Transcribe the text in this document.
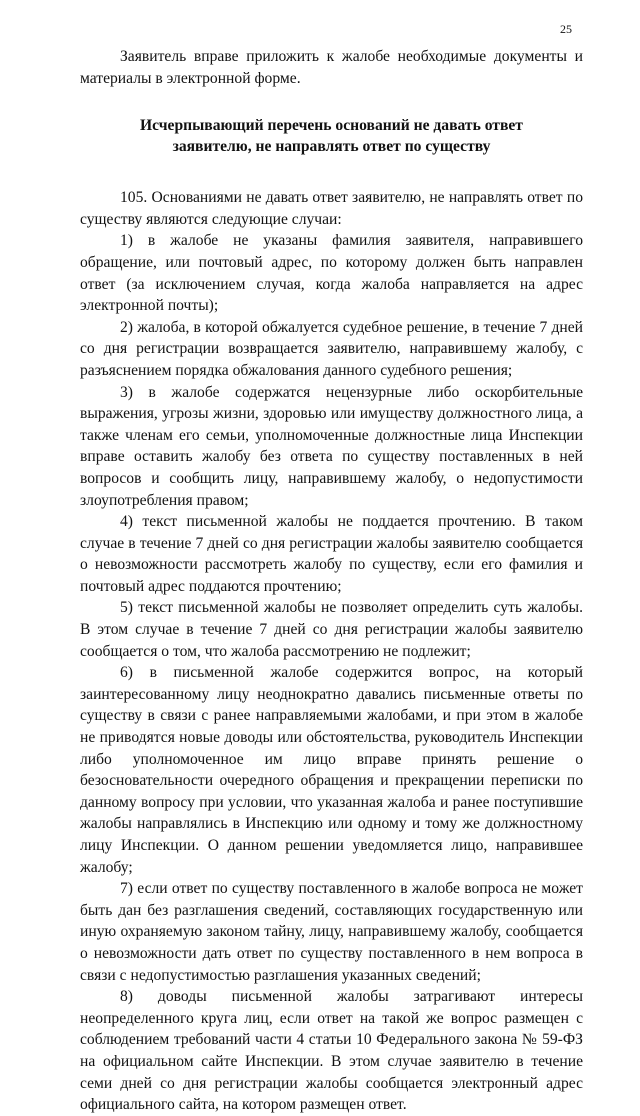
25

Заявитель вправе приложить к жалобе необходимые документы и материалы в электронной форме.

Исчерпывающий перечень оснований не давать ответ заявителю, не направлять ответ по существу

105. Основаниями не давать ответ заявителю, не направлять ответ по существу являются следующие случаи:

1) в жалобе не указаны фамилия заявителя, направившего обращение, или почтовый адрес, по которому должен быть направлен ответ (за исключением случая, когда жалоба направляется на адрес электронной почты);

2) жалоба, в которой обжалуется судебное решение, в течение 7 дней со дня регистрации возвращается заявителю, направившему жалобу, с разъяснением порядка обжалования данного судебного решения;

3) в жалобе содержатся нецензурные либо оскорбительные выражения, угрозы жизни, здоровью или имуществу должностного лица, а также членам его семьи, уполномоченные должностные лица Инспекции вправе оставить жалобу без ответа по существу поставленных в ней вопросов и сообщить лицу, направившему жалобу, о недопустимости злоупотребления правом;

4) текст письменной жалобы не поддается прочтению. В таком случае в течение 7 дней со дня регистрации жалобы заявителю сообщается о невозможности рассмотреть жалобу по существу, если его фамилия и почтовый адрес поддаются прочтению;

5) текст письменной жалобы не позволяет определить суть жалобы. В этом случае в течение 7 дней со дня регистрации жалобы заявителю сообщается о том, что жалоба рассмотрению не подлежит;

6) в письменной жалобе содержится вопрос, на который заинтересованному лицу неоднократно давались письменные ответы по существу в связи с ранее направляемыми жалобами, и при этом в жалобе не приводятся новые доводы или обстоятельства, руководитель Инспекции либо уполномоченное им лицо вправе принять решение о безосновательности очередного обращения и прекращении переписки по данному вопросу при условии, что указанная жалоба и ранее поступившие жалобы направлялись в Инспекцию или одному и тому же должностному лицу Инспекции. О данном решении уведомляется лицо, направившее жалобу;

7) если ответ по существу поставленного в жалобе вопроса не может быть дан без разглашения сведений, составляющих государственную или иную охраняемую законом тайну, лицу, направившему жалобу, сообщается о невозможности дать ответ по существу поставленного в нем вопроса в связи с недопустимостью разглашения указанных сведений;

8) доводы письменной жалобы затрагивают интересы неопределенного круга лиц, если ответ на такой же вопрос размещен с соблюдением требований части 4 статьи 10 Федерального закона № 59-ФЗ на официальном сайте Инспекции. В этом случае заявителю в течение семи дней со дня регистрации жалобы сообщается электронный адрес официального сайта, на котором размещен ответ.
